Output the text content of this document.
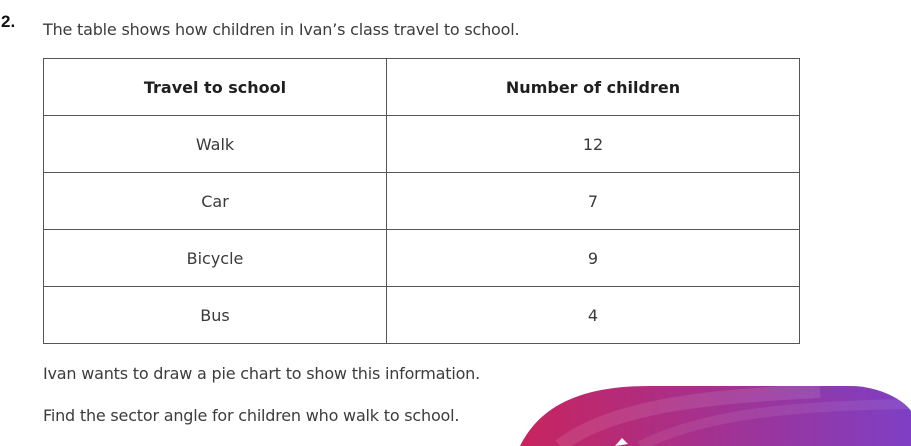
2. The table shows how children in Ivan’s class travel to school.
Travel to school	Number of children
Walk	12
Car	7
Bicycle	9
Bus	4
Ivan wants to draw a pie chart to show this information.
Find the sector angle for children who walk to school.
